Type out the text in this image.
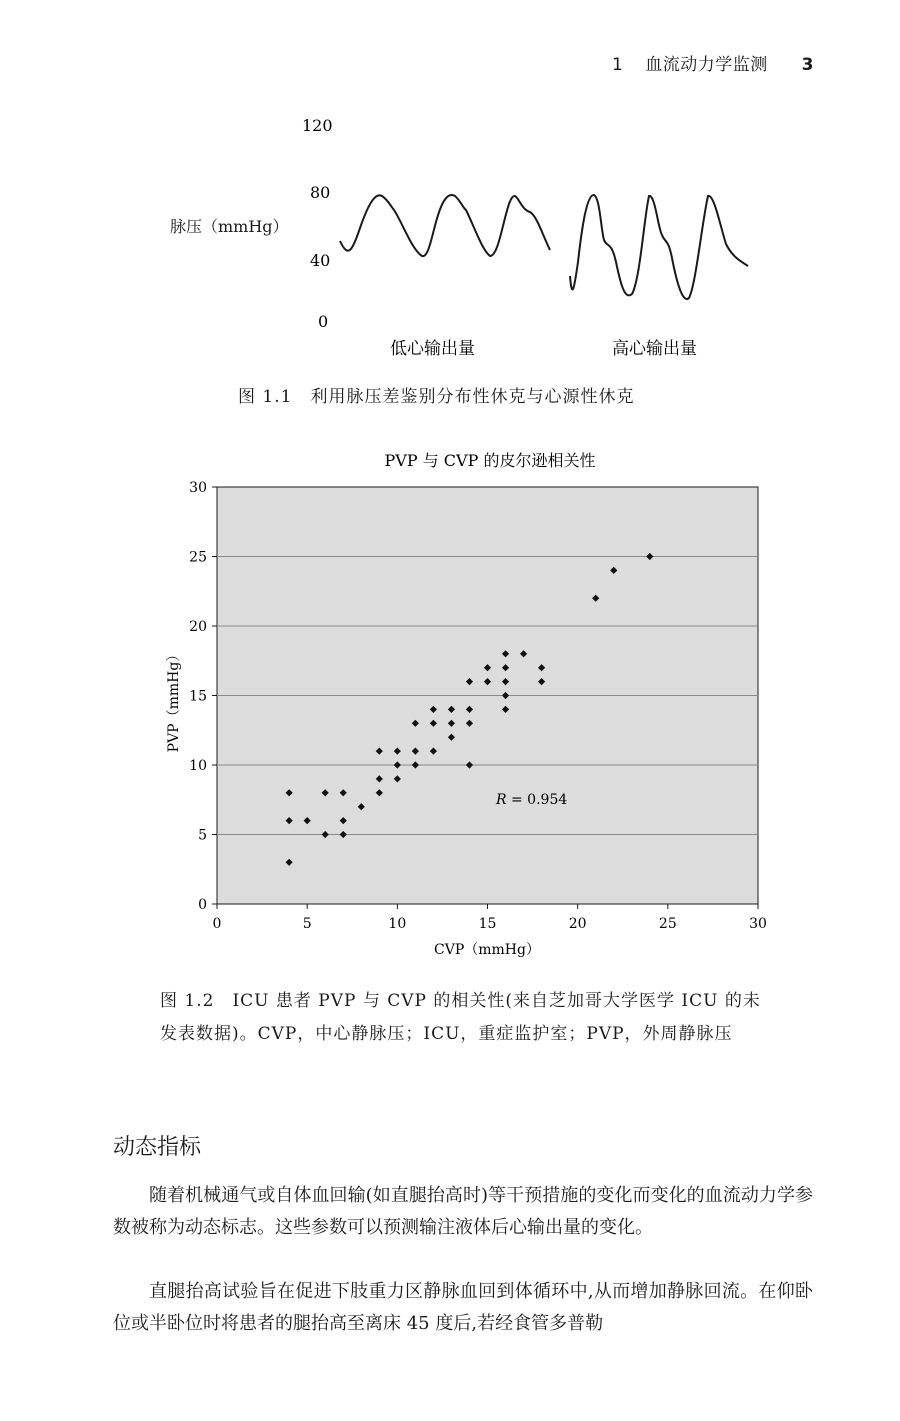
1 血流动力学监测 3
脉压（mmHg）
120
80
40
0
低心输出量	高心输出量
图 1.1　利用脉压差鉴别分布性休克与心源性休克
PVP 与 CVP 的皮尔逊相关性
0	5	10	15	20	25	30
0
5
10
15
20
25
30
CVP（mmHg）
PVP（mmHg）
R = 0.954
图 1.2　ICU 患者 PVP 与 CVP 的相关性(来自芝加哥大学医学 ICU 的未发表数据)。CVP，中心静脉压；ICU，重症监护室；PVP，外周静脉压
动态指标
随着机械通气或自体血回输(如直腿抬高时)等干预措施的变化而变化的血流动力学参数被称为动态标志。这些参数可以预测输注液体后心输出量的变化。
直腿抬高试验旨在促进下肢重力区静脉血回到体循环中,从而增加静脉回流。在仰卧位或半卧位时将患者的腿抬高至离床 45 度后,若经食管多普勒
